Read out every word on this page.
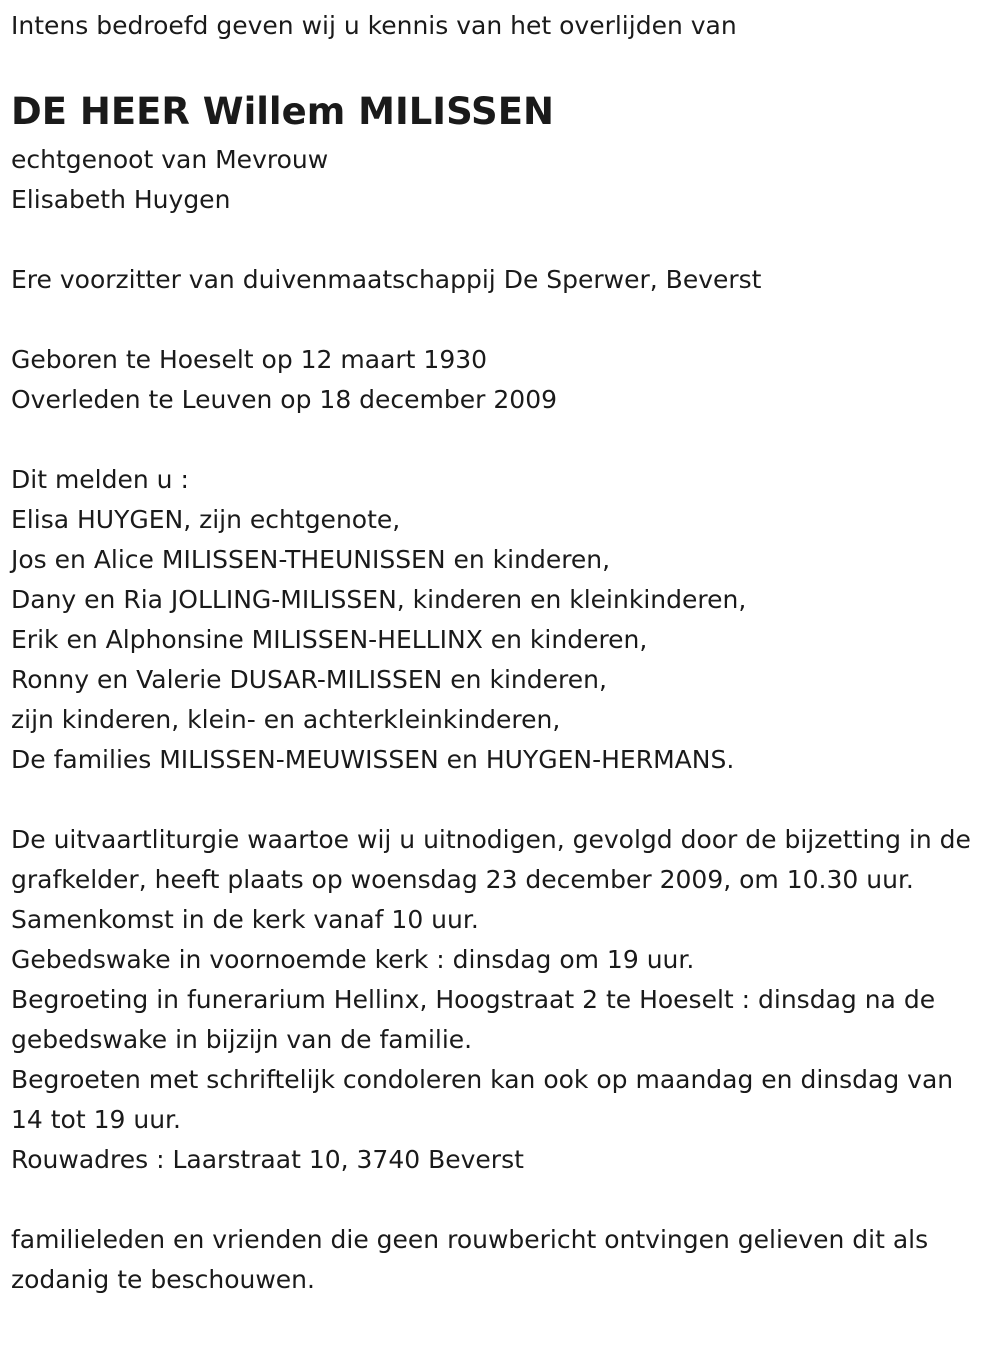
Intens bedroefd geven wij u kennis van het overlijden van

DE HEER Willem MILISSEN

echtgenoot van Mevrouw

Elisabeth Huygen

Ere voorzitter van duivenmaatschappij De Sperwer, Beverst

Geboren te Hoeselt op 12 maart 1930

Overleden te Leuven op 18 december 2009

Dit melden u :

Elisa HUYGEN, zijn echtgenote,

Jos en Alice MILISSEN-THEUNISSEN en kinderen,

Dany en Ria JOLLING-MILISSEN, kinderen en kleinkinderen,

Erik en Alphonsine MILISSEN-HELLINX en kinderen,

Ronny en Valerie DUSAR-MILISSEN en kinderen,

zijn kinderen, klein- en achterkleinkinderen,

De families MILISSEN-MEUWISSEN en HUYGEN-HERMANS.

De uitvaartliturgie waartoe wij u uitnodigen, gevolgd door de bijzetting in de grafkelder, heeft plaats op woensdag 23 december 2009, om 10.30 uur.

Samenkomst in de kerk vanaf 10 uur.

Gebedswake in voornoemde kerk : dinsdag om 19 uur.

Begroeting in funerarium Hellinx, Hoogstraat 2 te Hoeselt : dinsdag na de gebedswake in bijzijn van de familie.

Begroeten met schriftelijk condoleren kan ook op maandag en dinsdag van 14 tot 19 uur.

Rouwadres : Laarstraat 10, 3740 Beverst

familieleden en vrienden die geen rouwbericht ontvingen gelieven dit als zodanig te beschouwen.
